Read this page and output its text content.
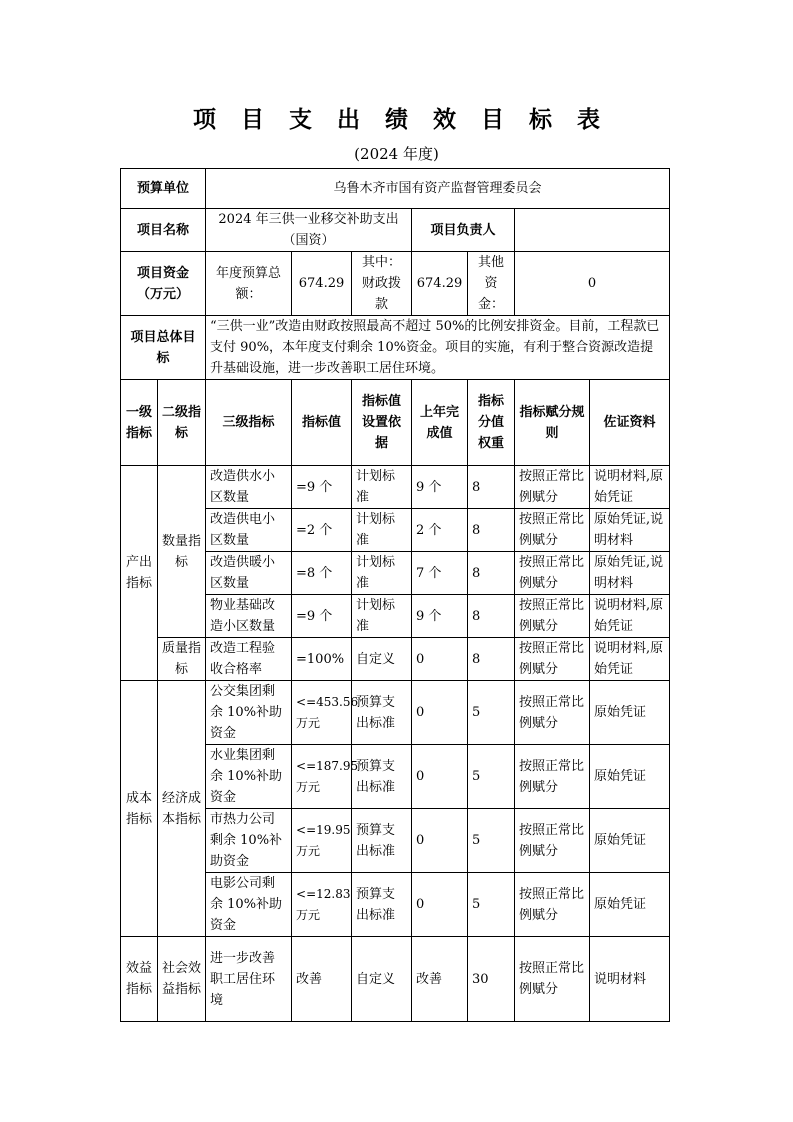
项目支出绩效目标表
(2024 年度)
预算单位		乌鲁木齐市国有资产监督管理委员会						
项目名称		2024 年三供一业移交补助支出（国资）			项目负责人			
项目资金（万元）		年度预算总额：	674.29	其中：财政拨款	674.29	其他资金：	0	
项目总体目标		“三供一业”改造由财政按照最高不超过 50%的比例安排资金。目前，工程款已支付 90%，本年度支付剩余 10%资金。项目的实施，有利于整合资源改造提升基础设施，进一步改善职工居住环境。						
一级指标	二级指标	三级指标	指标值	指标值设置依据	上年完成值	指标分值权重	指标赋分规则	佐证资料
产出指标	数量指标	改造供水小区数量	=9 个	计划标准	9 个	8	按照正常比例赋分	说明材料,原始凭证
		改造供电小区数量	=2 个	计划标准	2 个	8	按照正常比例赋分	原始凭证,说明材料
		改造供暖小区数量	=8 个	计划标准	7 个	8	按照正常比例赋分	原始凭证,说明材料
		物业基础改造小区数量	=9 个	计划标准	9 个	8	按照正常比例赋分	说明材料,原始凭证
	质量指标	改造工程验收合格率	=100%	自定义	0	8	按照正常比例赋分	说明材料,原始凭证
成本指标	经济成本指标	公交集团剩余 10%补助资金	<=453.56 万元	预算支出标准	0	5	按照正常比例赋分	原始凭证
		水业集团剩余 10%补助资金	<=187.95 万元	预算支出标准	0	5	按照正常比例赋分	原始凭证
		市热力公司剩余 10%补助资金	<=19.95 万元	预算支出标准	0	5	按照正常比例赋分	原始凭证
		电影公司剩余 10%补助资金	<=12.83 万元	预算支出标准	0	5	按照正常比例赋分	原始凭证
效益指标	社会效益指标	进一步改善职工居住环境	改善	自定义	改善	30	按照正常比例赋分	说明材料
